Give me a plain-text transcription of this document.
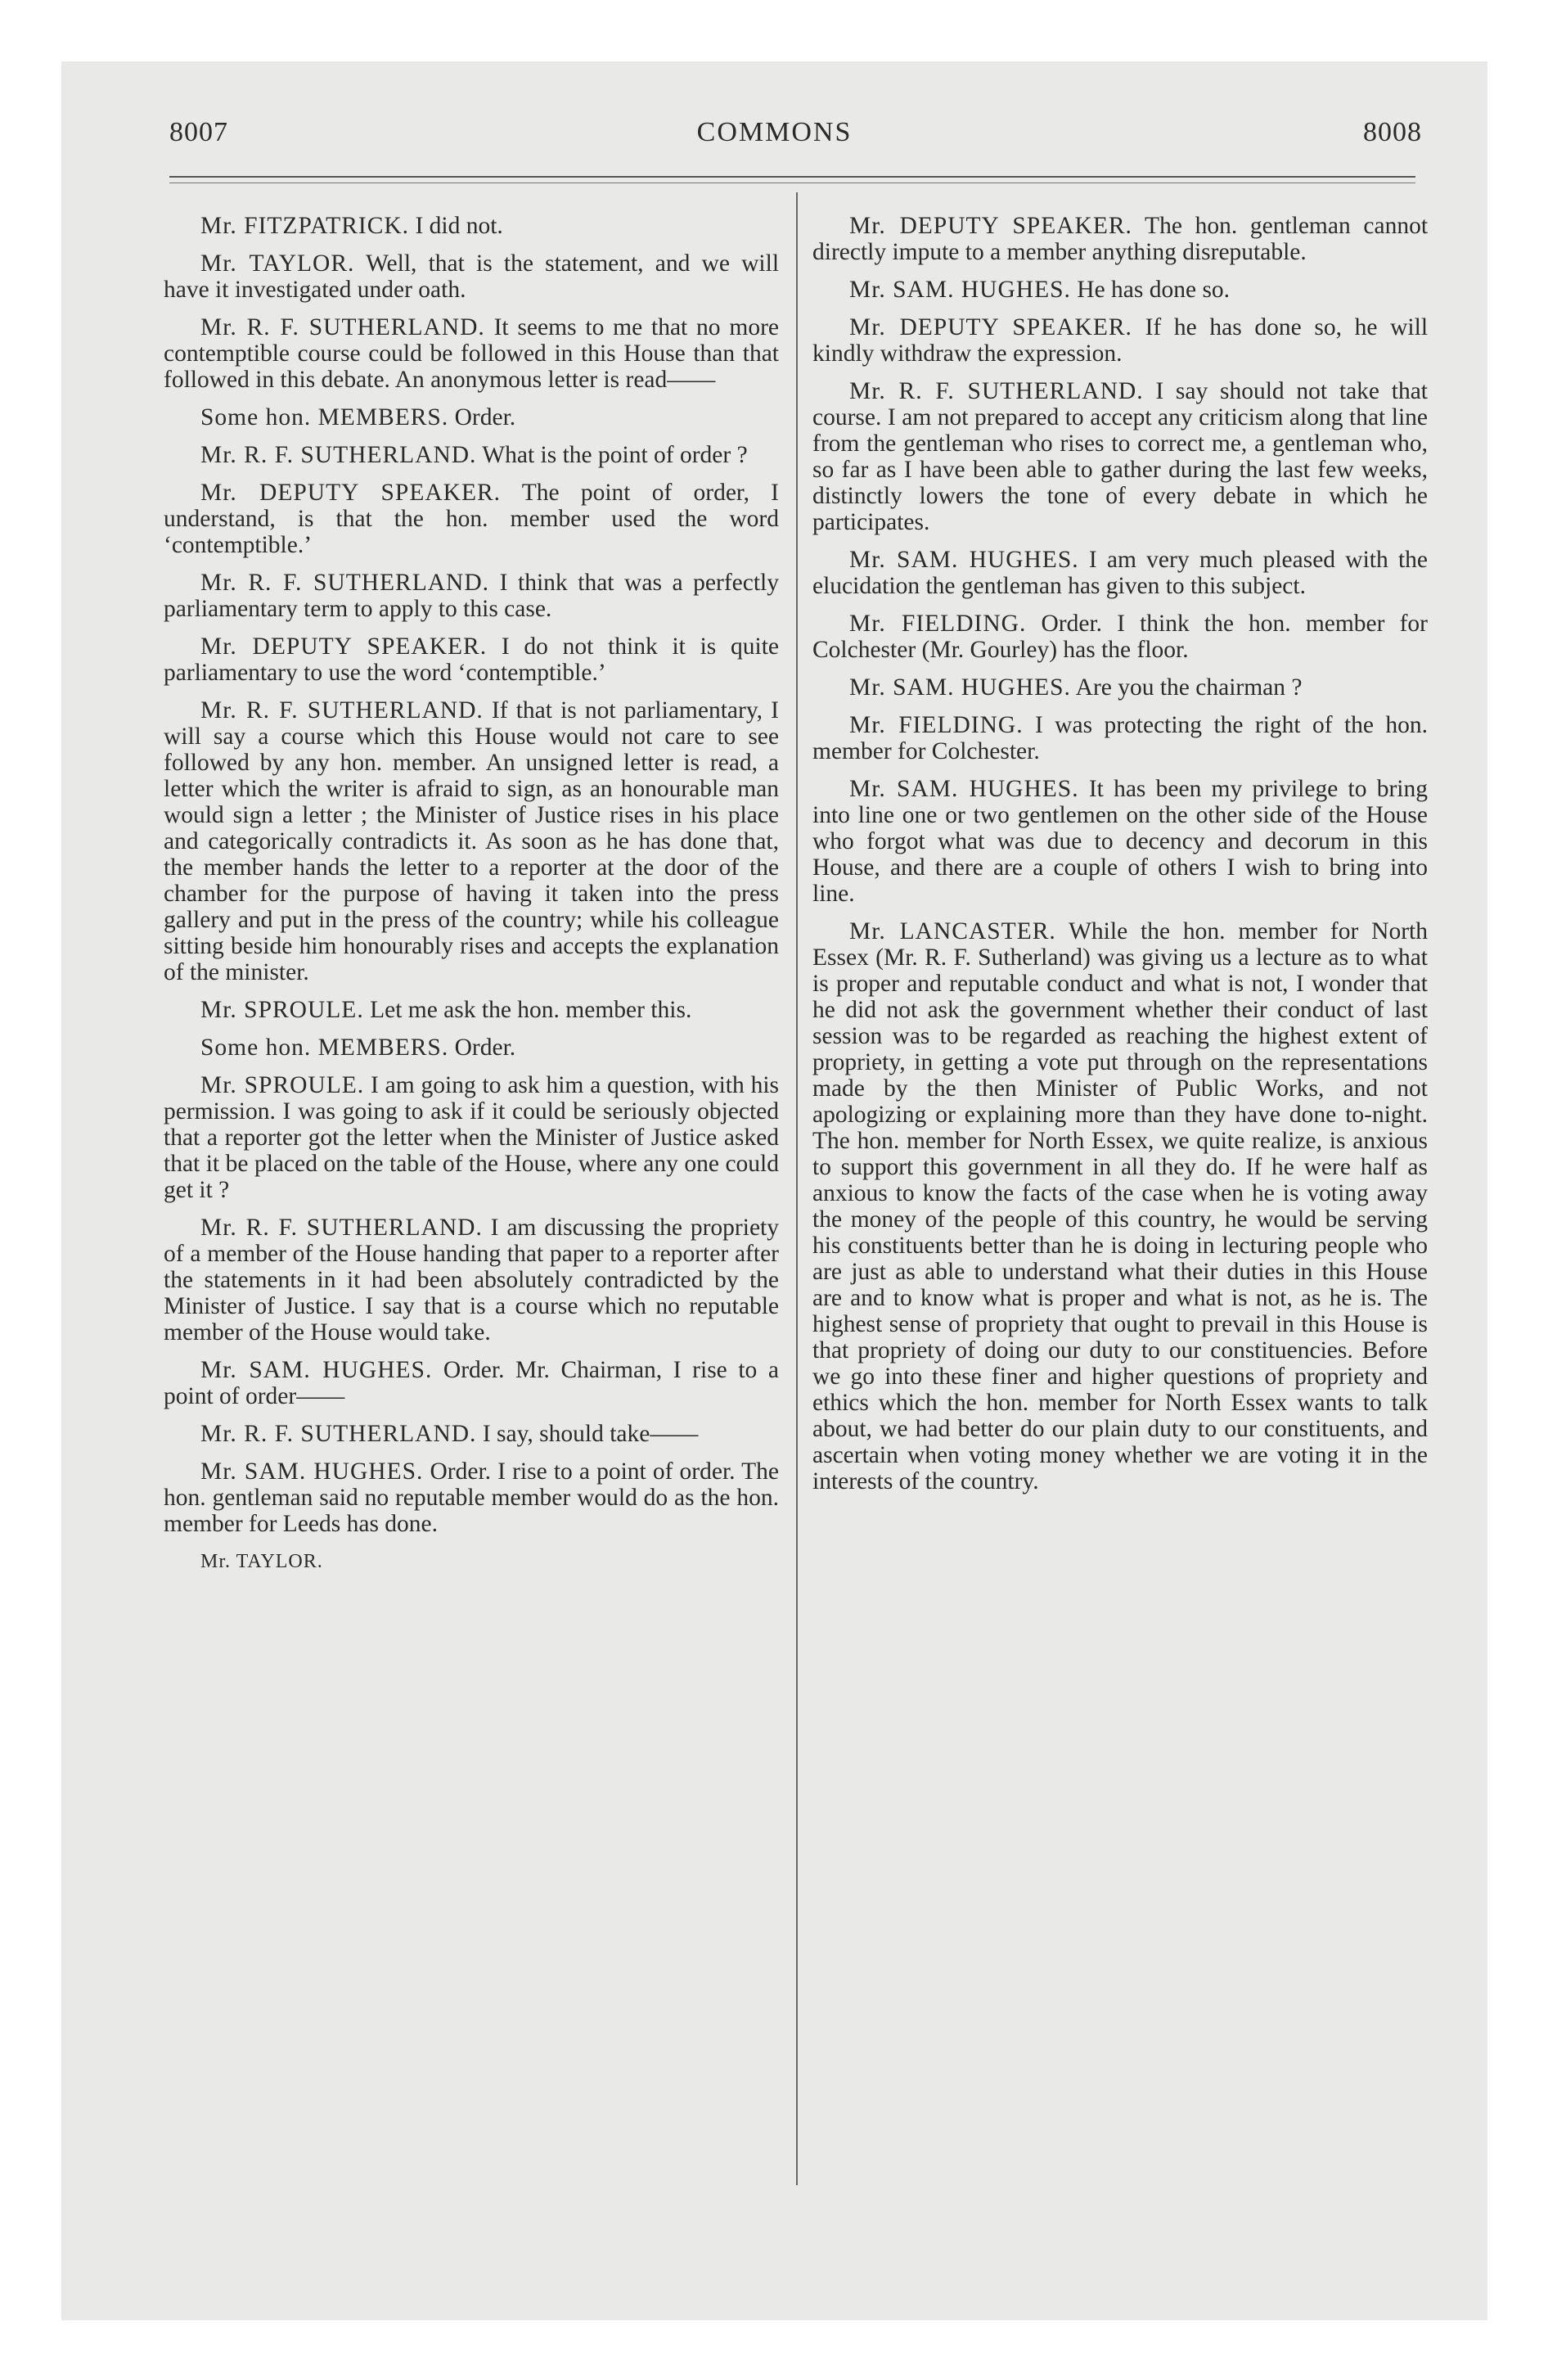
8007	COMMONS	8008

Mr. FITZPATRICK. I did not.

Mr. TAYLOR. Well, that is the statement, and we will have it investigated under oath.

Mr. R. F. SUTHERLAND. It seems to me that no more contemptible course could be followed in this House than that followed in this debate. An anonymous letter is read——

Some hon. MEMBERS. Order.

Mr. R. F. SUTHERLAND. What is the point of order ?

Mr. DEPUTY SPEAKER. The point of order, I understand, is that the hon. member used the word ‘contemptible.’

Mr. R. F. SUTHERLAND. I think that was a perfectly parliamentary term to apply to this case.

Mr. DEPUTY SPEAKER. I do not think it is quite parliamentary to use the word ‘contemptible.’

Mr. R. F. SUTHERLAND. If that is not parliamentary, I will say a course which this House would not care to see followed by any hon. member. An unsigned letter is read, a letter which the writer is afraid to sign, as an honourable man would sign a letter ; the Minister of Justice rises in his place and categorically contradicts it. As soon as he has done that, the member hands the letter to a reporter at the door of the chamber for the purpose of having it taken into the press gallery and put in the press of the country; while his colleague sitting beside him honourably rises and accepts the explanation of the minister.

Mr. SPROULE. Let me ask the hon. member this.

Some hon. MEMBERS. Order.

Mr. SPROULE. I am going to ask him a question, with his permission. I was going to ask if it could be seriously objected that a reporter got the letter when the Minister of Justice asked that it be placed on the table of the House, where any one could get it ?

Mr. R. F. SUTHERLAND. I am discussing the propriety of a member of the House handing that paper to a reporter after the statements in it had been absolutely contradicted by the Minister of Justice. I say that is a course which no reputable member of the House would take.

Mr. SAM. HUGHES. Order. Mr. Chairman, I rise to a point of order——

Mr. R. F. SUTHERLAND. I say, should take——

Mr. SAM. HUGHES. Order. I rise to a point of order. The hon. gentleman said no reputable member would do as the hon. member for Leeds has done.

Mr. TAYLOR.

Mr. DEPUTY SPEAKER. The hon. gentleman cannot directly impute to a member anything disreputable.

Mr. SAM. HUGHES. He has done so.

Mr. DEPUTY SPEAKER. If he has done so, he will kindly withdraw the expression.

Mr. R. F. SUTHERLAND. I say should not take that course. I am not prepared to accept any criticism along that line from the gentleman who rises to correct me, a gentleman who, so far as I have been able to gather during the last few weeks, distinctly lowers the tone of every debate in which he participates.

Mr. SAM. HUGHES. I am very much pleased with the elucidation the gentleman has given to this subject.

Mr. FIELDING. Order. I think the hon. member for Colchester (Mr. Gourley) has the floor.

Mr. SAM. HUGHES. Are you the chairman ?

Mr. FIELDING. I was protecting the right of the hon. member for Colchester.

Mr. SAM. HUGHES. It has been my privilege to bring into line one or two gentlemen on the other side of the House who forgot what was due to decency and decorum in this House, and there are a couple of others I wish to bring into line.

Mr. LANCASTER. While the hon. member for North Essex (Mr. R. F. Sutherland) was giving us a lecture as to what is proper and reputable conduct and what is not, I wonder that he did not ask the government whether their conduct of last session was to be regarded as reaching the highest extent of propriety, in getting a vote put through on the representations made by the then Minister of Public Works, and not apologizing or explaining more than they have done to-night. The hon. member for North Essex, we quite realize, is anxious to support this government in all they do. If he were half as anxious to know the facts of the case when he is voting away the money of the people of this country, he would be serving his constituents better than he is doing in lecturing people who are just as able to understand what their duties in this House are and to know what is proper and what is not, as he is. The highest sense of propriety that ought to prevail in this House is that propriety of doing our duty to our constituencies. Before we go into these finer and higher questions of propriety and ethics which the hon. member for North Essex wants to talk about, we had better do our plain duty to our constituents, and ascertain when voting money whether we are voting it in the interests of the country.
